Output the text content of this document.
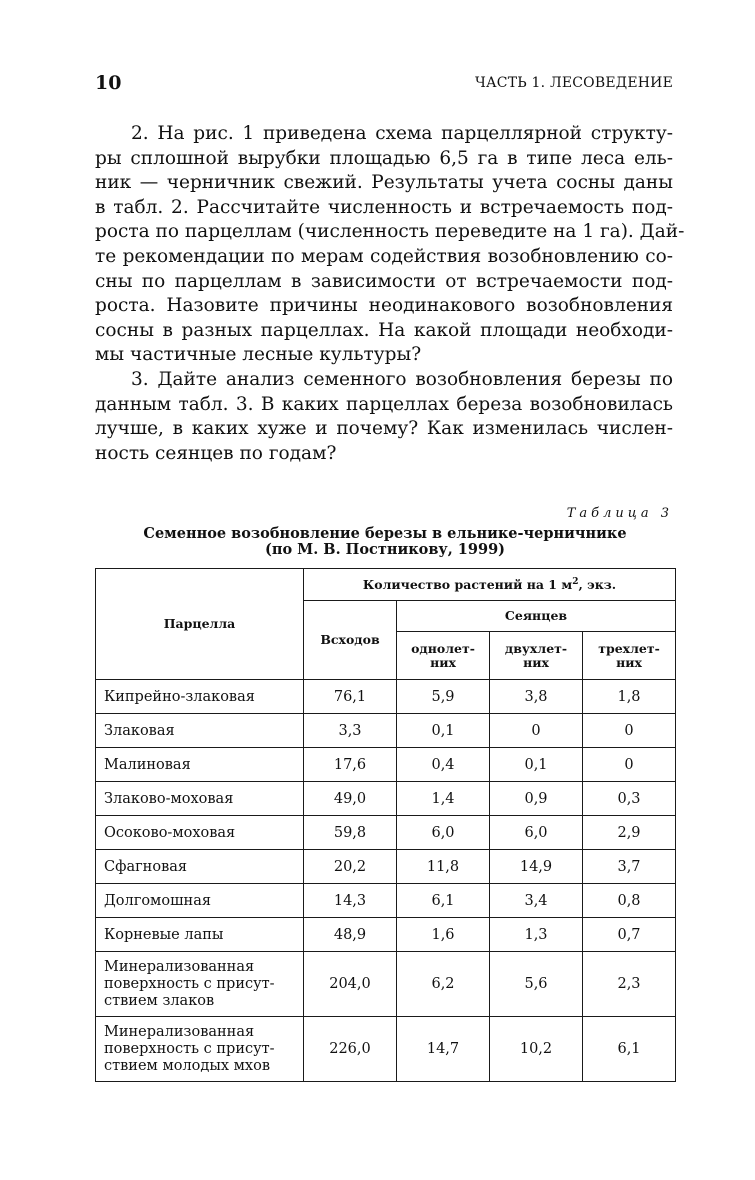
10	ЧАСТЬ 1. ЛЕСОВЕДЕНИЕ
2. На рис. 1 приведена схема парцеллярной структу-
ры сплошной вырубки площадью 6,5 га в типе леса ель-
ник — черничник свежий. Результаты учета сосны даны
в табл. 2. Рассчитайте численность и встречаемость под-
роста по парцеллам (численность переведите на 1 га). Дай-
те рекомендации по мерам содействия возобновлению со-
сны по парцеллам в зависимости от встречаемости под-
роста. Назовите причины неодинакового возобновления
сосны в разных парцеллах. На какой площади необходи-
мы частичные лесные культуры?
3. Дайте анализ семенного возобновления березы по
данным табл. 3. В каких парцеллах береза возобновилась
лучше, в каких хуже и почему? Как изменилась числен-
ность сеянцев по годам?
Таблица 3
Семенное возобновление березы в ельнике-черничнике
(по М. В. Постникову, 1999)
Парцелла	Количество растений на 1 $м^2$, экз.			
	Всходов	Сеянцев		
		однолет-
них	двухлет-
них	трехлет-
них
Кипрейно-злаковая	76,1	5,9	3,8	1,8
Злаковая	3,3	0,1	0	0
Малиновая	17,6	0,4	0,1	0
Злаково-моховая	49,0	1,4	0,9	0,3
Осоково-моховая	59,8	6,0	6,0	2,9
Сфагновая	20,2	11,8	14,9	3,7
Долгомошная	14,3	6,1	3,4	0,8
Корневые лапы	48,9	1,6	1,3	0,7
Минерализованная
поверхность с присут-
ствием злаков	204,0	6,2	5,6	2,3
Минерализованная
поверхность с присут-
ствием молодых мхов	226,0	14,7	10,2	6,1
